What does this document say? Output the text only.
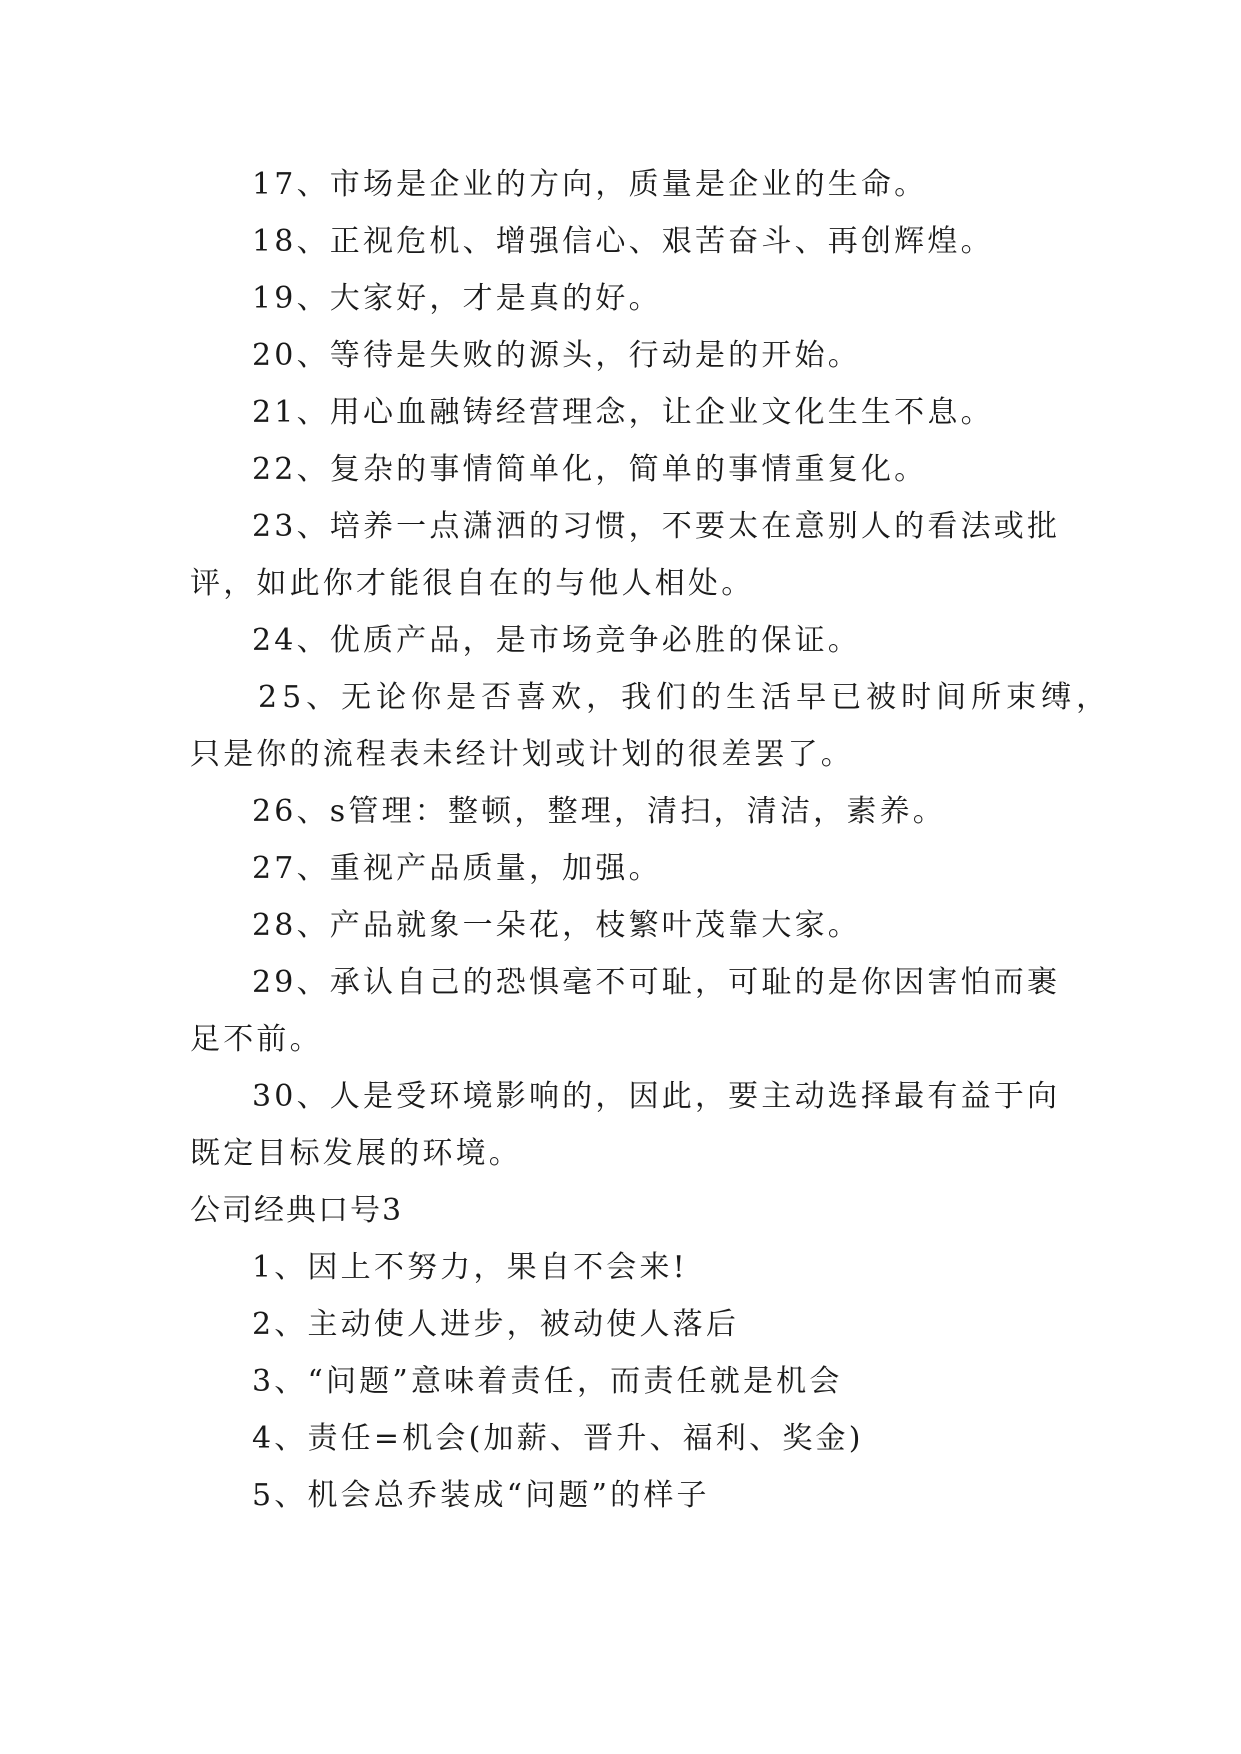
17、市场是企业的方向，质量是企业的生命。
18、正视危机、增强信心、艰苦奋斗、再创辉煌。
19、大家好，才是真的好。
20、等待是失败的源头，行动是的开始。
21、用心血融铸经营理念，让企业文化生生不息。
22、复杂的事情简单化，简单的事情重复化。
23、培养一点潇洒的习惯，不要太在意别人的看法或批
评，如此你才能很自在的与他人相处。
24、优质产品，是市场竞争必胜的保证。
25、无论你是否喜欢，我们的生活早已被时间所束缚，
只是你的流程表未经计划或计划的很差罢了。
26、s管理：整顿，整理，清扫，清洁，素养。
27、重视产品质量，加强。
28、产品就象一朵花，枝繁叶茂靠大家。
29、承认自己的恐惧毫不可耻，可耻的是你因害怕而裹
足不前。
30、人是受环境影响的，因此，要主动选择最有益于向
既定目标发展的环境。
公司经典口号3
1、因上不努力，果自不会来!
2、主动使人进步，被动使人落后
3、“问题”意味着责任，而责任就是机会
4、责任=机会(加薪、晋升、福利、奖金)
5、机会总乔装成“问题”的样子
